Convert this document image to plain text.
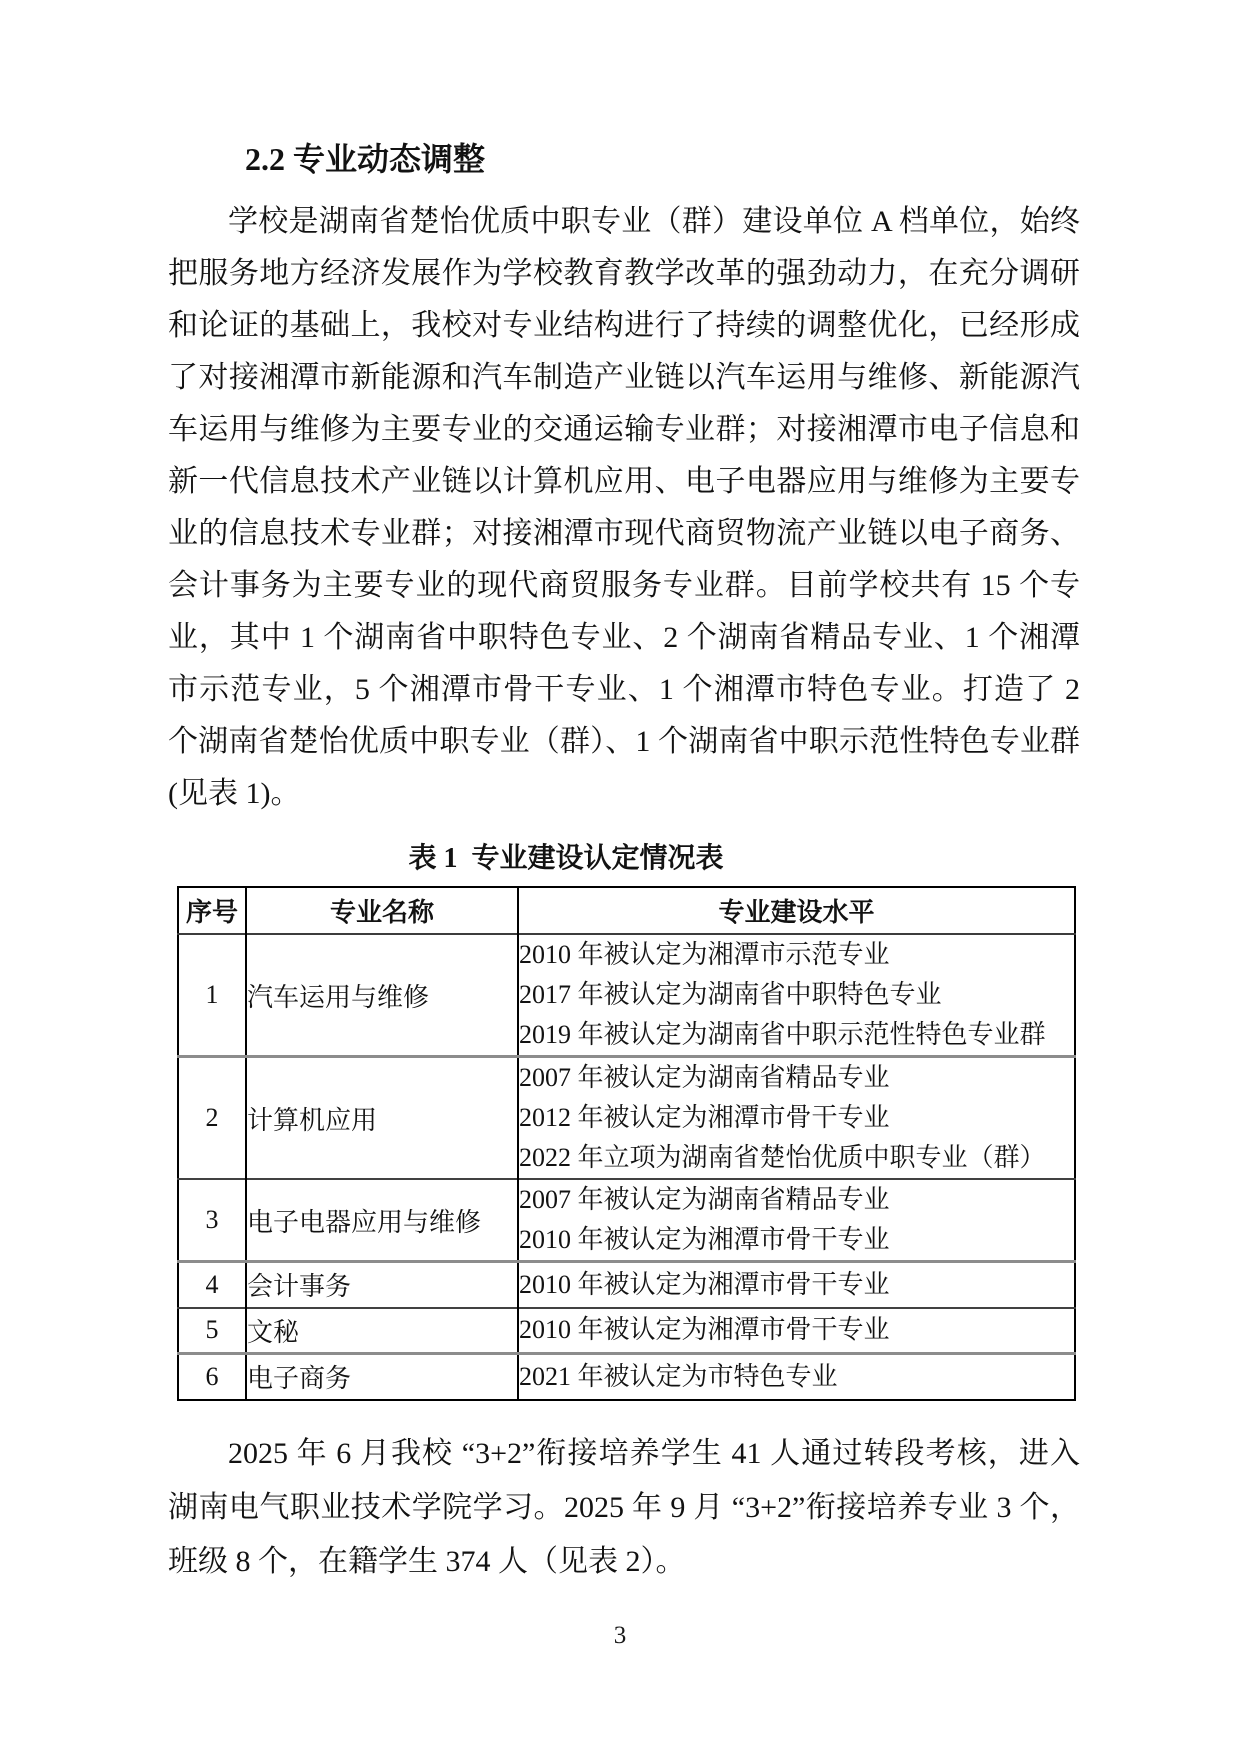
2.2 专业动态调整

学校是湖南省楚怡优质中职专业（群）建设单位 A 档单位，始终把服务地方经济发展作为学校教育教学改革的强劲动力，在充分调研和论证的基础上，我校对专业结构进行了持续的调整优化，已经形成了对接湘潭市新能源和汽车制造产业链以汽车运用与维修、新能源汽车运用与维修为主要专业的交通运输专业群；对接湘潭市电子信息和新一代信息技术产业链以计算机应用、电子电器应用与维修为主要专业的信息技术专业群；对接湘潭市现代商贸物流产业链以电子商务、会计事务为主要专业的现代商贸服务专业群。目前学校共有 15 个专业，其中 1 个湖南省中职特色专业、2 个湖南省精品专业、1 个湘潭市示范专业，5 个湘潭市骨干专业、1 个湘潭市特色专业。打造了 2 个湖南省楚怡优质中职专业（群）、1 个湖南省中职示范性特色专业群(见表 1)。

表 1  专业建设认定情况表
序号	专业名称	专业建设水平
1	汽车运用与维修	2010 年被认定为湘潭市示范专业
2017 年被认定为湖南省中职特色专业
2019 年被认定为湖南省中职示范性特色专业群

2	计算机应用	2007 年被认定为湖南省精品专业
2012 年被认定为湘潭市骨干专业
2022 年立项为湖南省楚怡优质中职专业（群）

3	电子电器应用与维修	2007 年被认定为湖南省精品专业
2010 年被认定为湘潭市骨干专业

4	会计事务	2010 年被认定为湘潭市骨干专业

5	文秘	2010 年被认定为湘潭市骨干专业

6	电子商务	2021 年被认定为市特色专业

2025 年 6 月我校 “3+2”衔接培养学生 41 人通过转段考核，进入湖南电气职业技术学院学习。2025 年 9 月 “3+2”衔接培养专业 3 个，班级 8 个，在籍学生 374 人（见表 2）。

3
